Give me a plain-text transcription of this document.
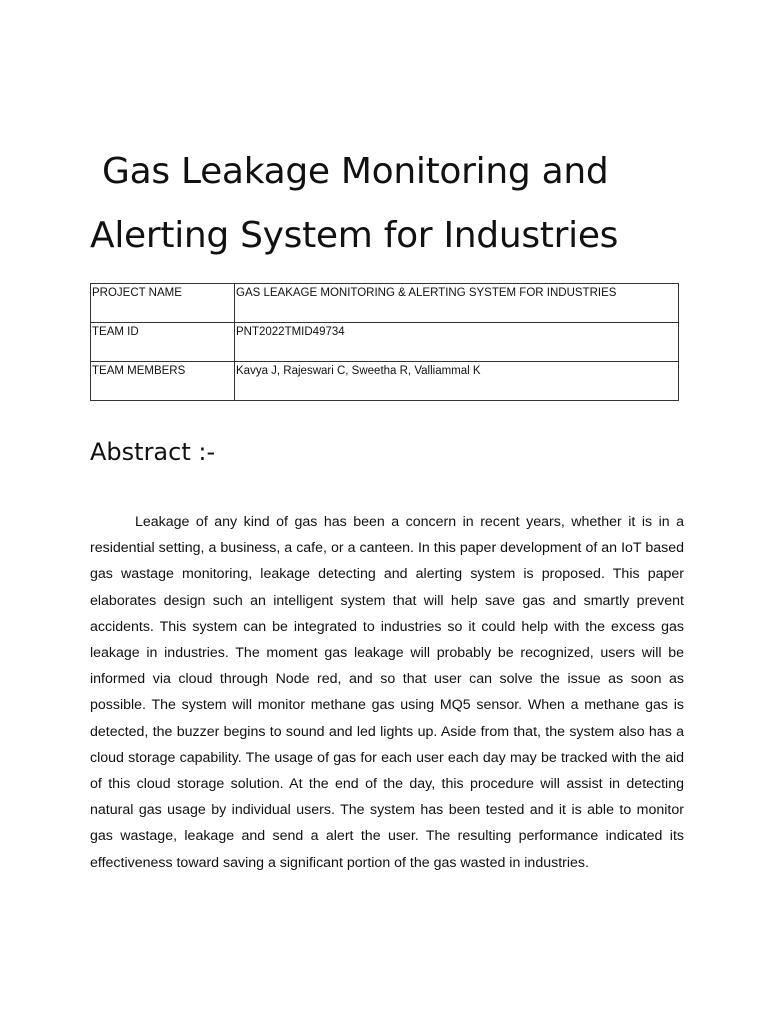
Gas Leakage Monitoring and
Alerting System for Industries
PROJECT NAME	GAS LEAKAGE MONITORING & ALERTING SYSTEM FOR INDUSTRIES
TEAM ID	PNT2022TMID49734
TEAM MEMBERS	Kavya J, Rajeswari C, Sweetha R, Valliammal K
Abstract :-

Leakage of any kind of gas has been a concern in recent years, whether it is in a residential setting, a business, a cafe, or a canteen. In this paper development of an IoT based gas wastage monitoring, leakage detecting and alerting system is proposed. This paper elaborates design such an intelligent system that will help save gas and smartly prevent accidents. This system can be integrated to industries so it could help with the excess gas leakage in industries. The moment gas leakage will probably be recognized, users will be informed via cloud through Node red, and so that user can solve the issue as soon as possible. The system will monitor methane gas using MQ5 sensor. When a methane gas is detected, the buzzer begins to sound and led lights up. Aside from that, the system also has a cloud storage capability. The usage of gas for each user each day may be tracked with the aid of this cloud storage solution. At the end of the day, this procedure will assist in detecting natural gas usage by individual users. The system has been tested and it is able to monitor gas wastage, leakage and send a alert the user. The resulting performance indicated its effectiveness toward saving a significant portion of the gas wasted in industries.
